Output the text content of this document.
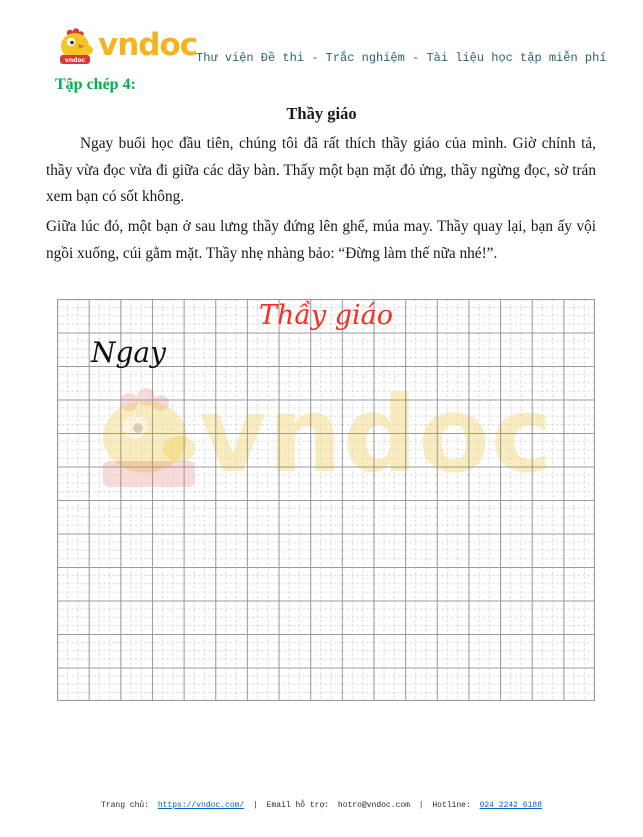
vndoc vndoc
Thư viện Đề thi - Trắc nghiệm - Tài liệu học tập miễn phí
Tập chép 4:
Thầy giáo

Ngay buổi học đầu tiên, chúng tôi đã rất thích thầy giáo của mình. Giờ chính tả, thầy vừa đọc vừa đi giữa các dãy bàn. Thấy một bạn mặt đỏ ửng, thầy ngừng đọc, sờ trán xem bạn có sốt không.

Giữa lúc đó, một bạn ở sau lưng thầy đứng lên ghế, múa may. Thầy quay lại, bạn ấy vội ngồi xuống, cúi gằm mặt. Thầy nhẹ nhàng bảo: “Đừng làm thế nữa nhé!”.

Thầy giáo
Ngay
Trang chủ: https://vndoc.com/ | Email hỗ trợ: hotro@vndoc.com | Hotline: 024 2242 6188
